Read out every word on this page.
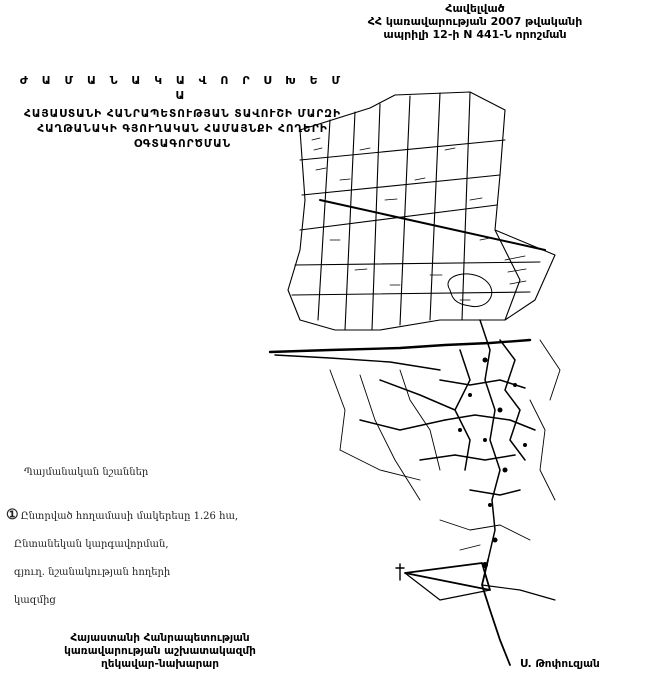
Հավելված
ՀՀ կառավարության 2007 թվականի
ապրիլի 12-ի N 441-Ն որոշման
Ժ Ա Մ Ա Ն Ա Կ Ա Վ Ո Ր Ս Խ Ե Մ Ա
ՀԱՅԱՍՏԱՆԻ ՀԱՆՐԱՊԵՏՈՒԹՅԱՆ ՏԱՎՈՒՇԻ ՄԱՐԶԻ
ՀԱՂԹԱՆԱԿԻ ԳՅՈՒՂԱԿԱՆ ՀԱՄԱՅՆՔԻ ՀՈՂԵՐԻ
ՕԳՏԱԳՈՐԾՄԱՆ
Պայմանական նշաններ
① Ընտրված հողամասի մակերեսը 1.26 հա,
Ընտանեկան կարգավորման,
գյուղ. նշանակության հողերի
կազմից
Հայաստանի Հանրապետության
կառավարության աշխատակազմի
ղեկավար-նախարար	Ս. Թոփուզյան
